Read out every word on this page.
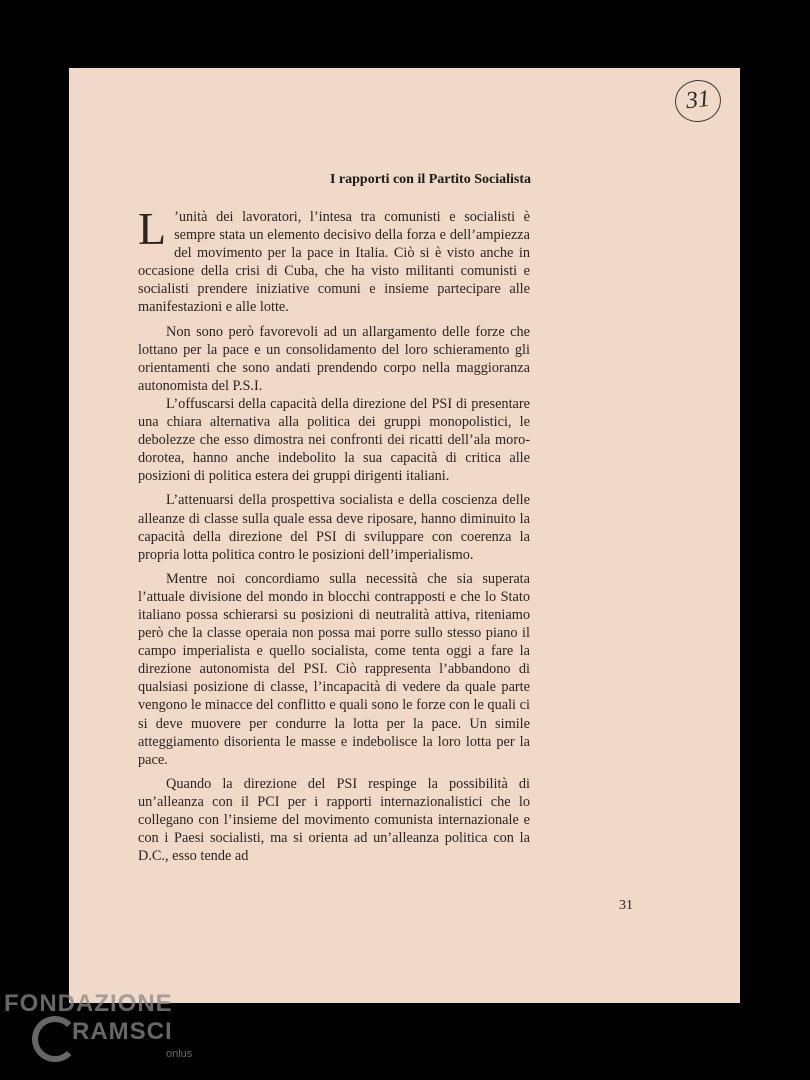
31
I rapporti con il Partito Socialista

L ’unità dei lavoratori, l’intesa tra comunisti e socialisti è sempre stata un elemento decisivo della forza e dell’ampiezza del movimento per la pace in Italia. Ciò si è visto anche in occasione della crisi di Cuba, che ha visto militanti comunisti e socialisti prendere iniziative comuni e insieme partecipare alle manifestazioni e alle lotte.

Non sono però favorevoli ad un allargamento delle forze che lottano per la pace e un consolidamento del loro schieramento gli orientamenti che sono andati prendendo corpo nella maggioranza autonomista del P.S.I.

L’offuscarsi della capacità della direzione del PSI di presentare una chiara alternativa alla politica dei gruppi monopolistici, le debolezze che esso dimostra nei confronti dei ricatti dell’ala moro-dorotea, hanno anche indebolito la sua capacità di critica alle posizioni di politica estera dei gruppi dirigenti italiani.

L’attenuarsi della prospettiva socialista e della coscienza delle alleanze di classe sulla quale essa deve riposare, hanno diminuito la capacità della direzione del PSI di sviluppare con coerenza la propria lotta politica contro le posizioni dell’imperialismo.

Mentre noi concordiamo sulla necessità che sia superata l’attuale divisione del mondo in blocchi contrapposti e che lo Stato italiano possa schierarsi su posizioni di neutralità attiva, riteniamo però che la classe operaia non possa mai porre sullo stesso piano il campo imperialista e quello socialista, come tenta oggi a fare la direzione autonomista del PSI. Ciò rappresenta l’abbandono di qualsiasi posizione di classe, l’incapacità di vedere da quale parte vengono le minacce del conflitto e quali sono le forze con le quali ci si deve muovere per condurre la lotta per la pace. Un simile atteggiamento disorienta le masse e indebolisce la loro lotta per la pace.

Quando la direzione del PSI respinge la possibilità di un’alleanza con il PCI per i rapporti internazionalistici che lo collegano con l’insieme del movimento comunista internazionale e con i Paesi socialisti, ma si orienta ad un’alleanza politica con la D.C., esso tende ad

31
FONDAZIONE
RAMSCI
onlus
